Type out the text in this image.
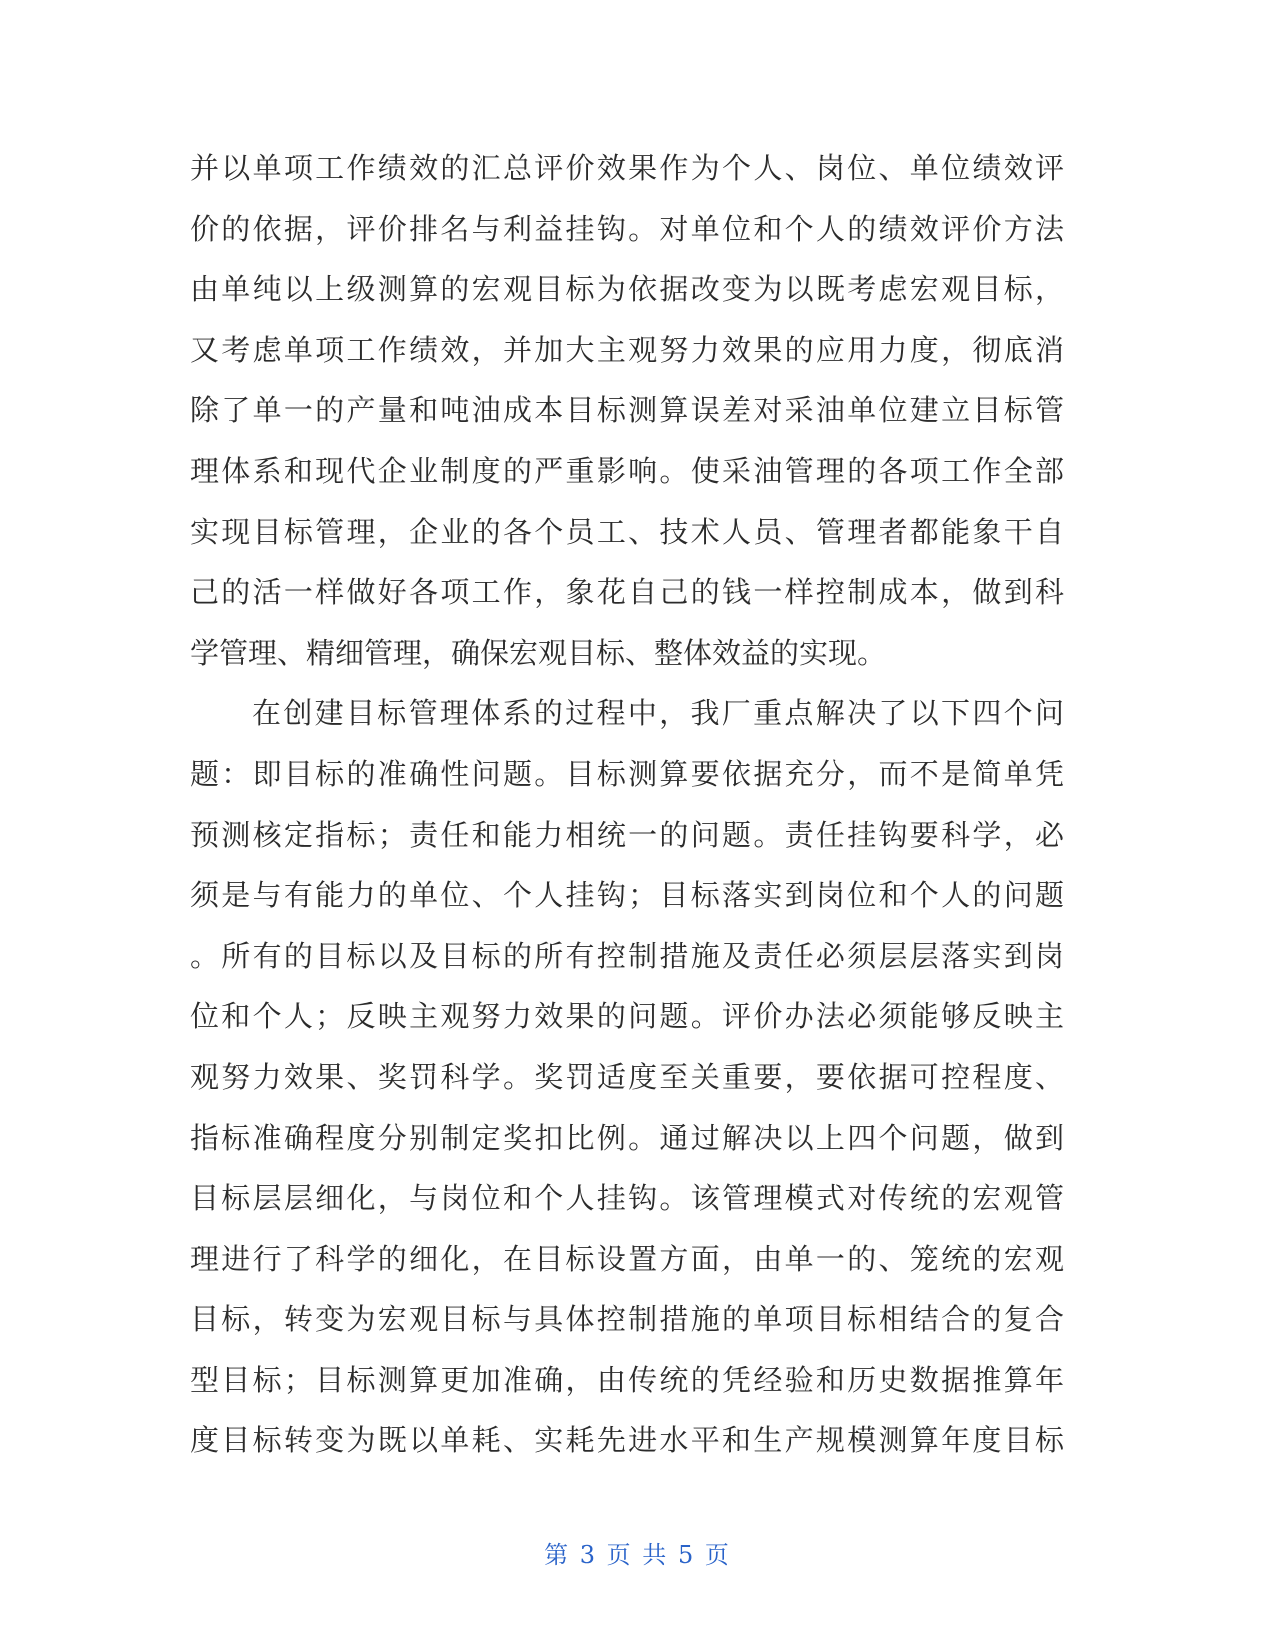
并以单项工作绩效的汇总评价效果作为个人、岗位、单位绩效评
价的依据，评价排名与利益挂钩。对单位和个人的绩效评价方法
由单纯以上级测算的宏观目标为依据改变为以既考虑宏观目标，
又考虑单项工作绩效，并加大主观努力效果的应用力度，彻底消
除了单一的产量和吨油成本目标测算误差对采油单位建立目标管
理体系和现代企业制度的严重影响。使采油管理的各项工作全部
实现目标管理，企业的各个员工、技术人员、管理者都能象干自
己的活一样做好各项工作，象花自己的钱一样控制成本，做到科
学管理、精细管理，确保宏观目标、整体效益的实现。
在创建目标管理体系的过程中，我厂重点解决了以下四个问
题：即目标的准确性问题。目标测算要依据充分，而不是简单凭
预测核定指标；责任和能力相统一的问题。责任挂钩要科学，必
须是与有能力的单位、个人挂钩；目标落实到岗位和个人的问题
。所有的目标以及目标的所有控制措施及责任必须层层落实到岗
位和个人；反映主观努力效果的问题。评价办法必须能够反映主
观努力效果、奖罚科学。奖罚适度至关重要，要依据可控程度、
指标准确程度分别制定奖扣比例。通过解决以上四个问题，做到
目标层层细化，与岗位和个人挂钩。该管理模式对传统的宏观管
理进行了科学的细化，在目标设置方面，由单一的、笼统的宏观
目标，转变为宏观目标与具体控制措施的单项目标相结合的复合
型目标；目标测算更加准确，由传统的凭经验和历史数据推算年
度目标转变为既以单耗、实耗先进水平和生产规模测算年度目标
第 3 页 共 5 页
